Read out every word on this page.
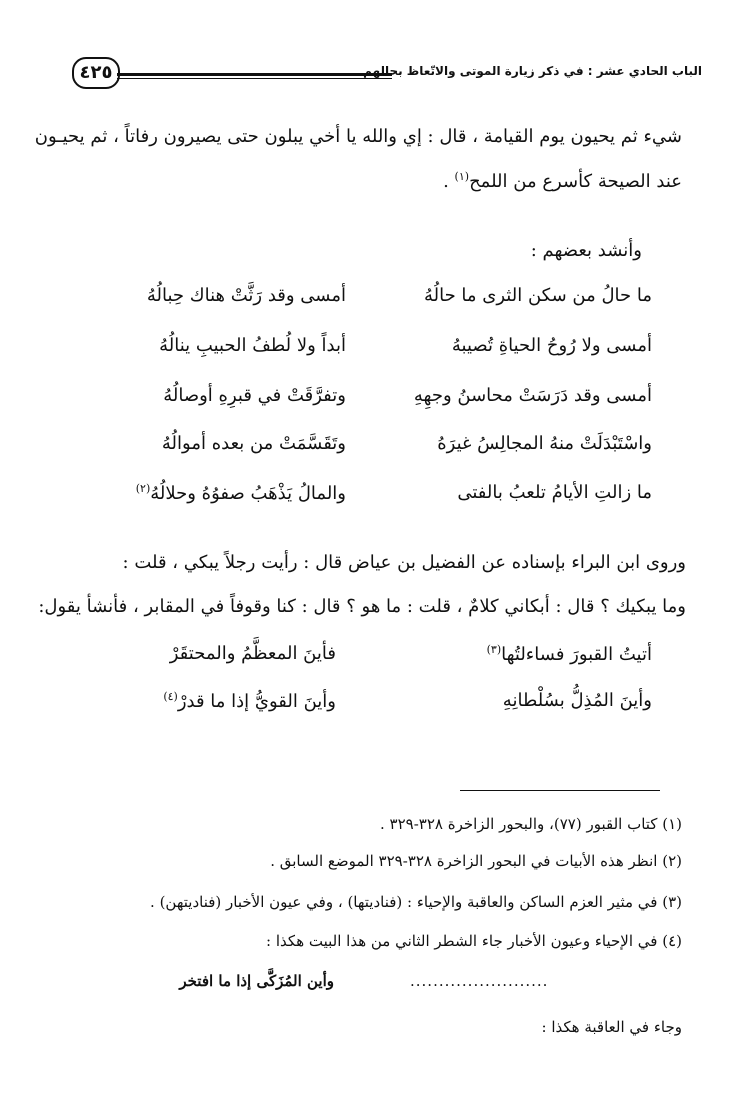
٤٢٥	الباب الحادي عشر : في ذكر زيارة الموتى والاتّعاظ بحالهم
شيء ثم يحيون يوم القيامة ، قال : إي والله يا أخي يبلون حتى يصيرون رفاتاً ، ثم يحيـون
عند الصيحة كأسرع من اللمح$^{(١)}$ .
وأنشد بعضهم :
ما حالُ من سكن الثرى ما حالُهُ
أمسى وقد رَثَّتْ هناك حِبالُهُ
أمسى ولا رُوحُ الحياةِ تُصيبهُ
أبداً ولا لُطفُ الحبيبِ ينالُهُ
أمسى وقد دَرَسَتْ محاسنُ وجهِهِ
وتفرَّقَتْ في قبرِهِ أوصالُهُ
واسْتَبْدَلَتْ منهُ المجالِسُ غيرَهُ
وتَقَسَّمَتْ من بعده أموالُهُ
ما زالتِ الأيامُ تلعبُ بالفتى
والمالُ يَذْهَبُ صفوُهُ وحلالُهُ$^{(٢)}$
وروى ابن البراء بإسناده عن الفضيل بن عياض قال : رأيت رجلاً يبكي ، قلت :
وما يبكيك ؟ قال : أبكاني كلامٌ ، قلت : ما هو ؟ قال : كنا وقوفاً في المقابر ، فأنشأ يقول:
أتيتُ القبورَ فساءلتُها$^{(٣)}$
فأينَ المعظَّمُ والمحتقَرْ
وأينَ المُذِلُّ بسُلْطانِهِ
وأينَ القويُّ إذا ما قدرْ$^{(٤)}$
(١) كتاب القبور (٧٧)، والبحور الزاخرة ٣٢٨-٣٢٩ .
(٢) انظر هذه الأبيات في البحور الزاخرة ٣٢٨-٣٢٩ الموضع السابق .
(٣) في مثير العزم الساكن والعاقبة والإحياء : (فناديتها) ، وفي عيون الأخبار (فناديتهن) .
(٤) في الإحياء وعيون الأخبار جاء الشطر الثاني من هذا البيت هكذا :
........................
وأين المُزَكَّى إذا ما افتخر
وجاء في العاقبة هكذا :
